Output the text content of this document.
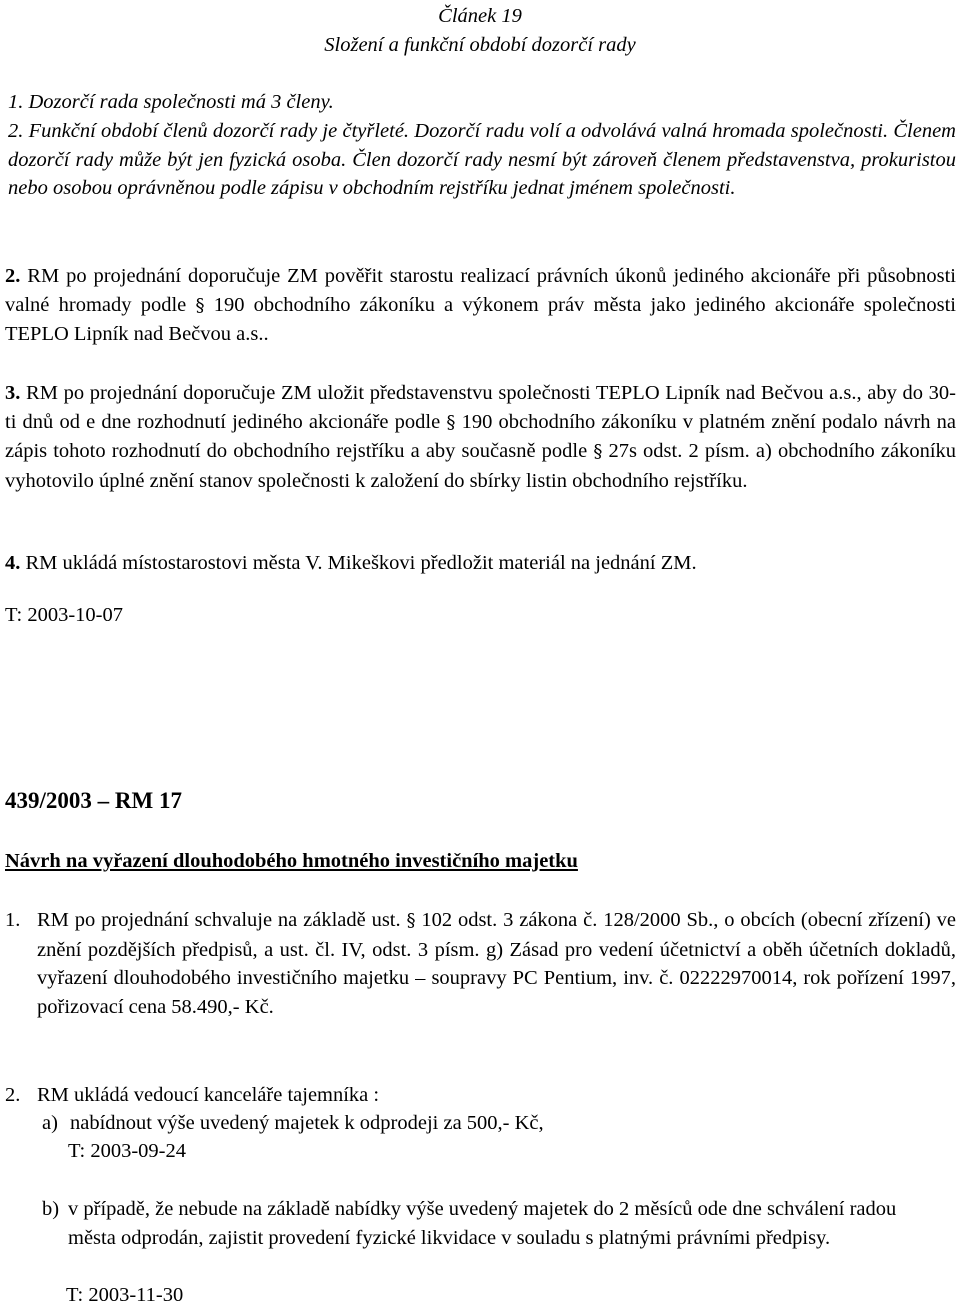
Článek 19
Složení a funkční období dozorčí rady
1. Dozorčí rada společnosti má 3 členy.
2. Funkční období členů dozorčí rady je čtyřleté. Dozorčí radu volí a odvolává valná hromada společnosti. Členem dozorčí rady může být jen fyzická osoba. Člen dozorčí rady nesmí být zároveň členem představenstva, prokuristou nebo osobou oprávněnou podle zápisu v obchodním rejstříku jednat jménem společnosti.
2. RM po projednání doporučuje ZM pověřit starostu realizací právních úkonů jediného akcionáře při působnosti valné hromady podle § 190 obchodního zákoníku a výkonem práv města jako jediného akcionáře společnosti TEPLO Lipník nad Bečvou a.s..
3. RM po projednání doporučuje ZM uložit představenstvu společnosti TEPLO Lipník nad Bečvou a.s., aby do 30-ti dnů od e dne rozhodnutí jediného akcionáře podle § 190 obchodního zákoníku v platném znění podalo návrh na zápis tohoto rozhodnutí do obchodního rejstříku a aby současně podle § 27s odst. 2 písm. a) obchodního zákoníku vyhotovilo úplné znění stanov společnosti k založení do sbírky listin obchodního rejstříku.
4. RM ukládá místostarostovi města V. Mikeškovi předložit materiál na jednání ZM.
T: 2003-10-07
439/2003 – RM 17
Návrh na vyřazení dlouhodobého hmotného investičního majetku
1. RM po projednání schvaluje na základě ust. § 102 odst. 3 zákona č. 128/2000 Sb., o obcích (obecní zřízení) ve znění pozdějších předpisů, a ust. čl. IV, odst. 3 písm. g) Zásad pro vedení účetnictví a oběh účetních dokladů, vyřazení dlouhodobého investičního majetku – soupravy PC Pentium, inv. č. 02222970014, rok pořízení 1997, pořizovací cena 58.490,- Kč.
2. RM ukládá vedoucí kanceláře tajemníka :
a) nabídnout výše uvedený majetek k odprodeji za 500,- Kč,
T: 2003-09-24
b) v případě, že nebude na základě nabídky výše uvedený majetek do 2 měsíců ode dne schválení radou města odprodán, zajistit provedení fyzické likvidace v souladu s platnými právními předpisy.
T: 2003-11-30
